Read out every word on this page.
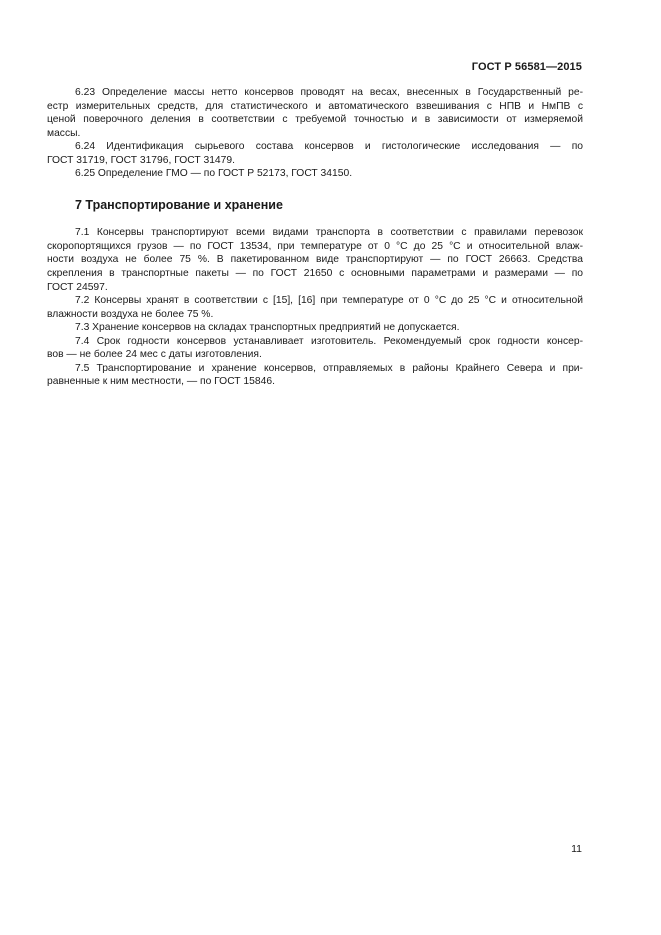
ГОСТ Р 56581—2015
6.23 Определение массы нетто консервов проводят на весах, внесенных в Государственный ре-
естр измерительных средств, для статистического и автоматического взвешивания с НПВ и НмПВ с
ценой поверочного деления в соответствии с требуемой точностью и в зависимости от измеряемой
массы.
6.24 Идентификация сырьевого состава консервов и гистологические исследования — по
ГОСТ 31719, ГОСТ 31796, ГОСТ 31479.
6.25 Определение ГМО — по ГОСТ Р 52173, ГОСТ 34150.
7 Транспортирование и хранение
7.1 Консервы транспортируют всеми видами транспорта в соответствии с правилами перевозок
скоропортящихся грузов — по ГОСТ 13534, при температуре от 0 °С до 25 °С и относительной влаж-
ности воздуха не более 75 %. В пакетированном виде транспортируют — по ГОСТ 26663. Средства
скрепления в транспортные пакеты — по ГОСТ 21650 с основными параметрами и размерами — по
ГОСТ 24597.
7.2 Консервы хранят в соответствии с [15], [16] при температуре от 0 °С до 25 °С и относительной
влажности воздуха не более 75 %.
7.3 Хранение консервов на складах транспортных предприятий не допускается.
7.4 Срок годности консервов устанавливает изготовитель. Рекомендуемый срок годности консер-
вов — не более 24 мес с даты изготовления.
7.5 Транспортирование и хранение консервов, отправляемых в районы Крайнего Севера и при-
равненные к ним местности, — по ГОСТ 15846.
11
